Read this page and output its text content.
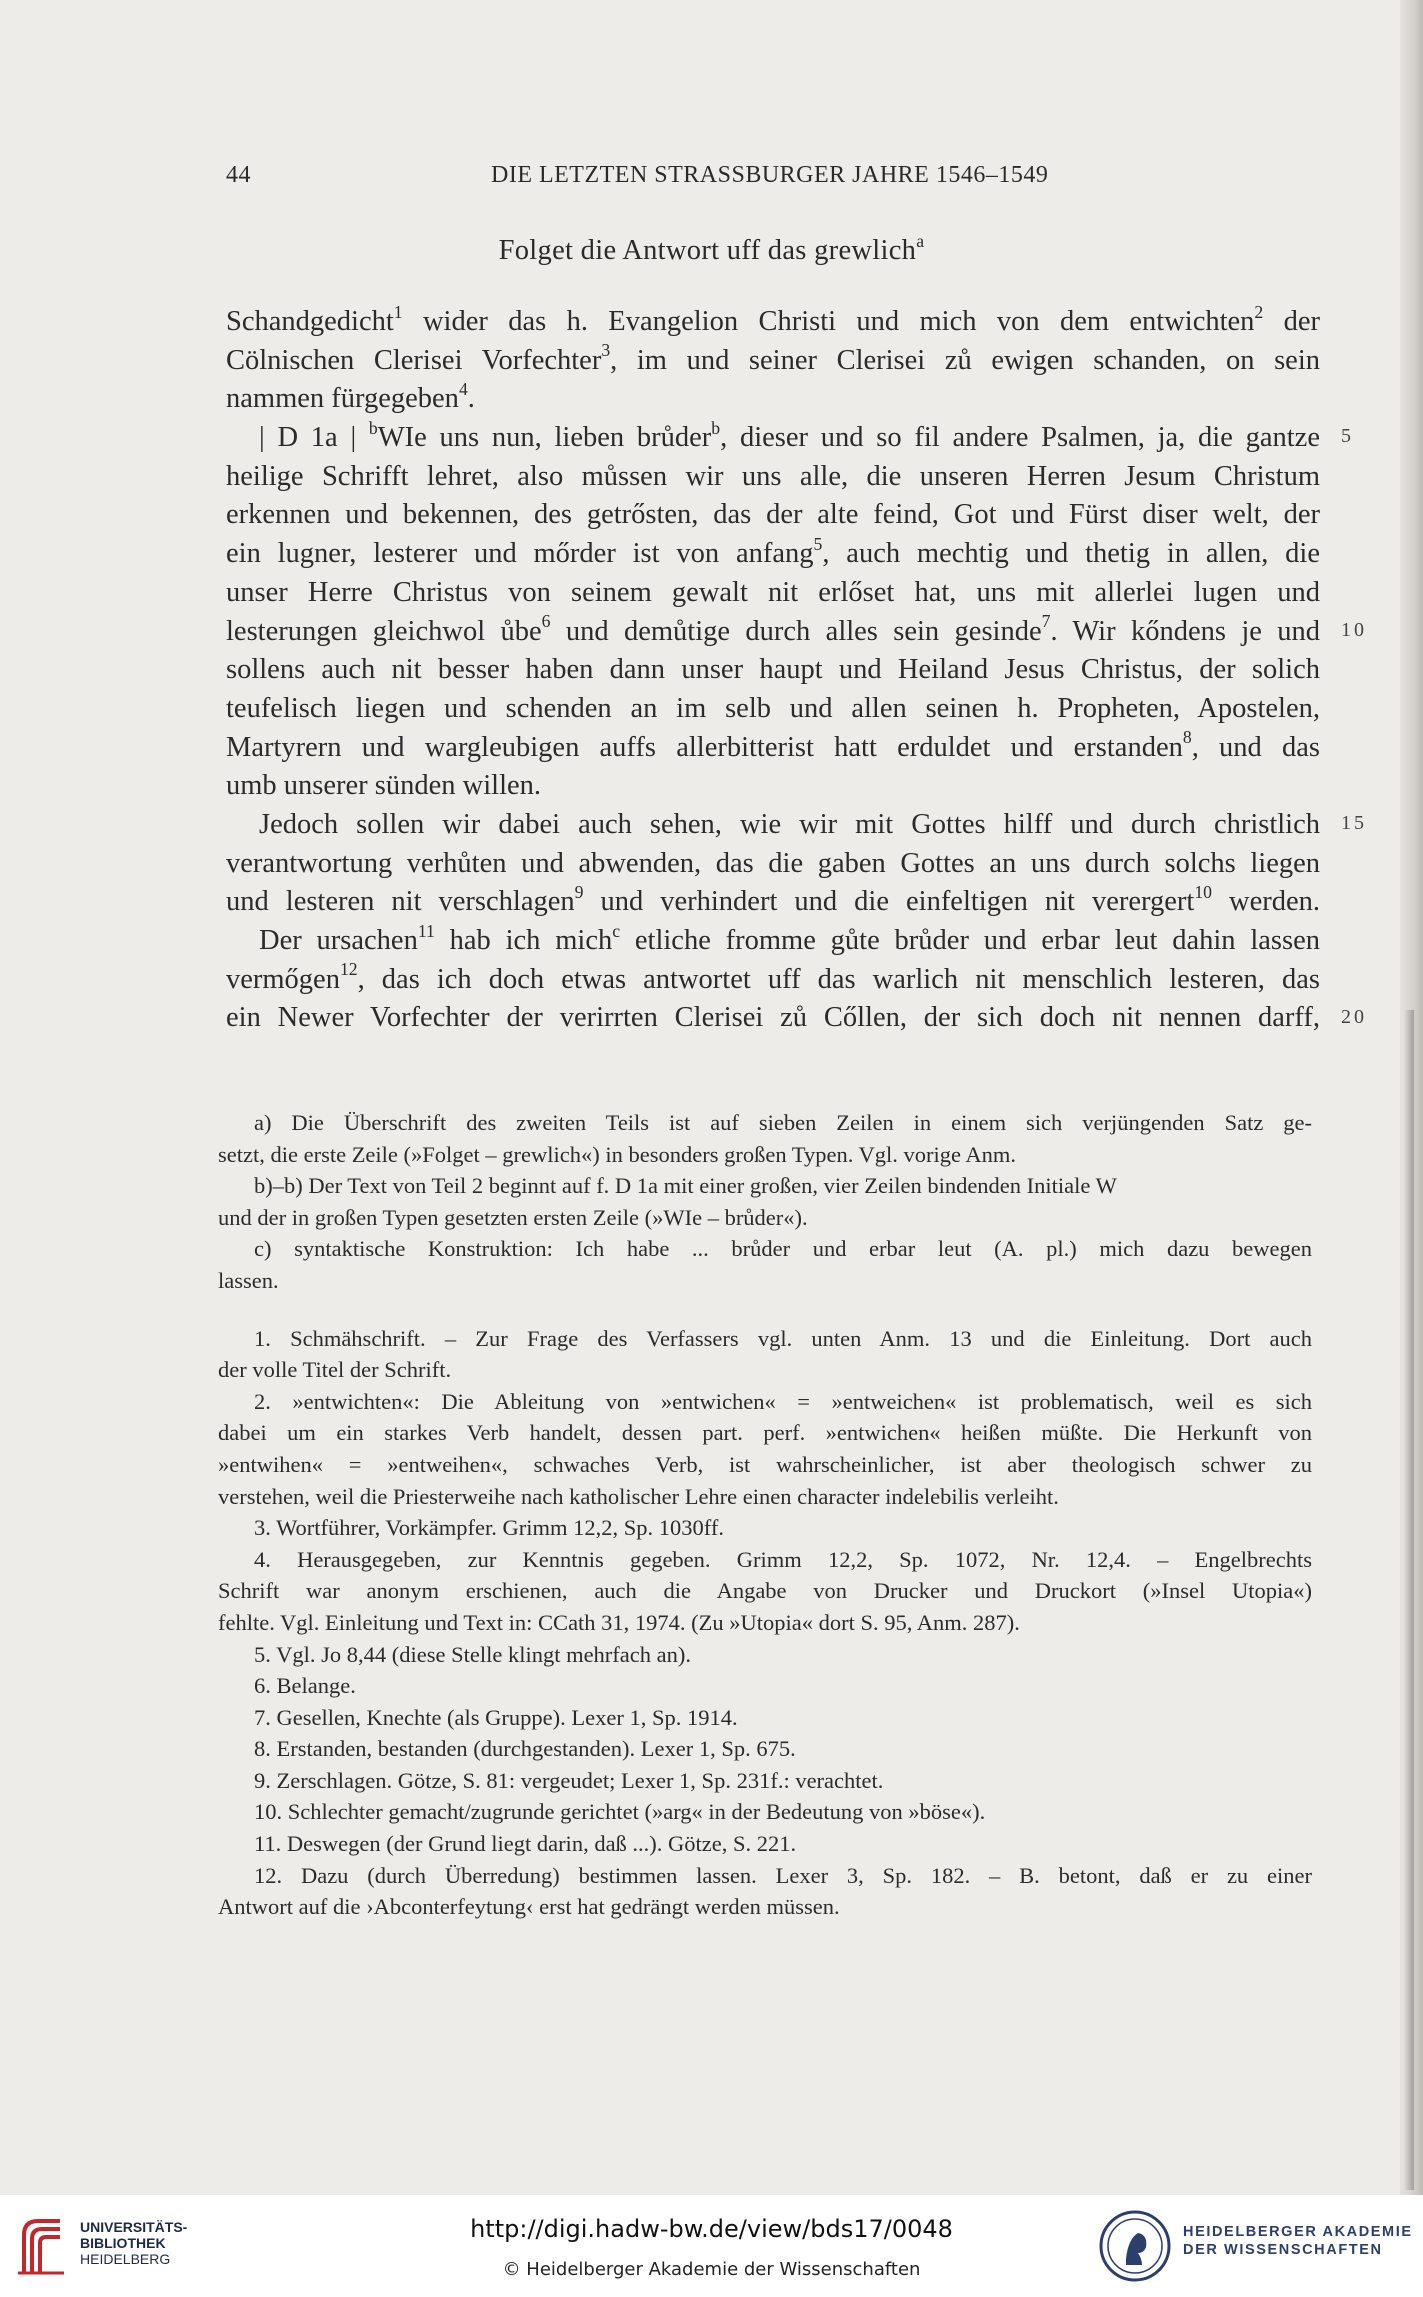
44	DIE LETZTEN STRASSBURGER JAHRE 1546–1549
Folget die Antwort uff das grewlich$^a$
Schandgedicht$^1$ wider das h. Evangelion Christi und mich von dem entwichten$^2$ der
Cölnischen Clerisei Vorfechter$^3$, im und seiner Clerisei zů ewigen schanden, on sein
nammen fürgegeben$^4$.
| D 1a | $^b$WIe uns nun, lieben brůder$^b$, dieser und so fil andere Psalmen, ja, die gantze
heilige Schrifft lehret, also můssen wir uns alle, die unseren Herren Jesum Christum
erkennen und bekennen, des getrősten, das der alte feind, Got und Fürst diser welt, der
ein lugner, lesterer und mőrder ist von anfang$^5$, auch mechtig und thetig in allen, die
unser Herre Christus von seinem gewalt nit erlőset hat, uns mit allerlei lugen und
lesterungen gleichwol ůbe$^6$ und demůtige durch alles sein gesinde$^7$. Wir kőndens je und
sollens auch nit besser haben dann unser haupt und Heiland Jesus Christus, der solich
teufelisch liegen und schenden an im selb und allen seinen h. Propheten, Apostelen,
Martyrern und wargleubigen auffs allerbitterist hatt erduldet und erstanden$^8$, und das
umb unserer sünden willen.
Jedoch sollen wir dabei auch sehen, wie wir mit Gottes hilff und durch christlich
verantwortung verhůten und abwenden, das die gaben Gottes an uns durch solchs liegen
und lesteren nit verschlagen$^9$ und verhindert und die einfeltigen nit verergert$^{10}$ werden.
Der ursachen$^{11}$ hab ich mich$^c$ etliche fromme gůte brůder und erbar leut dahin lassen
vermőgen$^{12}$, das ich doch etwas antwortet uff das warlich nit menschlich lesteren, das
ein Newer Vorfechter der verirrten Clerisei zů Cőllen, der sich doch nit nennen darff,
5
10
15
20
a) Die Überschrift des zweiten Teils ist auf sieben Zeilen in einem sich verjüngenden Satz ge-
setzt, die erste Zeile (»Folget – grewlich«) in besonders großen Typen. Vgl. vorige Anm.
b)–b) Der Text von Teil 2 beginnt auf f. D 1a mit einer großen, vier Zeilen bindenden Initiale W
und der in großen Typen gesetzten ersten Zeile (»WIe – brůder«).
c) syntaktische Konstruktion: Ich habe ... brůder und erbar leut (A. pl.) mich dazu bewegen
lassen.
1. Schmähschrift. – Zur Frage des Verfassers vgl. unten Anm. 13 und die Einleitung. Dort auch
der volle Titel der Schrift.
2. »entwichten«: Die Ableitung von »entwichen« = »entweichen« ist problematisch, weil es sich
dabei um ein starkes Verb handelt, dessen part. perf. »entwichen« heißen müßte. Die Herkunft von
»entwihen« = »entweihen«, schwaches Verb, ist wahrscheinlicher, ist aber theologisch schwer zu
verstehen, weil die Priesterweihe nach katholischer Lehre einen character indelebilis verleiht.
3. Wortführer, Vorkämpfer. Grimm 12,2, Sp. 1030ff.
4. Herausgegeben, zur Kenntnis gegeben. Grimm 12,2, Sp. 1072, Nr. 12,4. – Engelbrechts
Schrift war anonym erschienen, auch die Angabe von Drucker und Druckort (»Insel Utopia«)
fehlte. Vgl. Einleitung und Text in: CCath 31, 1974. (Zu »Utopia« dort S. 95, Anm. 287).
5. Vgl. Jo 8,44 (diese Stelle klingt mehrfach an).
6. Belange.
7. Gesellen, Knechte (als Gruppe). Lexer 1, Sp. 1914.
8. Erstanden, bestanden (durchgestanden). Lexer 1, Sp. 675.
9. Zerschlagen. Götze, S. 81: vergeudet; Lexer 1, Sp. 231f.: verachtet.
10. Schlechter gemacht/zugrunde gerichtet (»arg« in der Bedeutung von »böse«).
11. Deswegen (der Grund liegt darin, daß ...). Götze, S. 221.
12. Dazu (durch Überredung) bestimmen lassen. Lexer 3, Sp. 182. – B. betont, daß er zu einer
Antwort auf die ›Abconterfeytung‹ erst hat gedrängt werden müssen.
UNIVERSITÄTS-
BIBLIOTHEK
HEIDELBERG
http://digi.hadw-bw.de/view/bds17/0048
© Heidelberger Akademie der Wissenschaften
HEIDELBERGER AKADEMIE
DER WISSENSCHAFTEN
